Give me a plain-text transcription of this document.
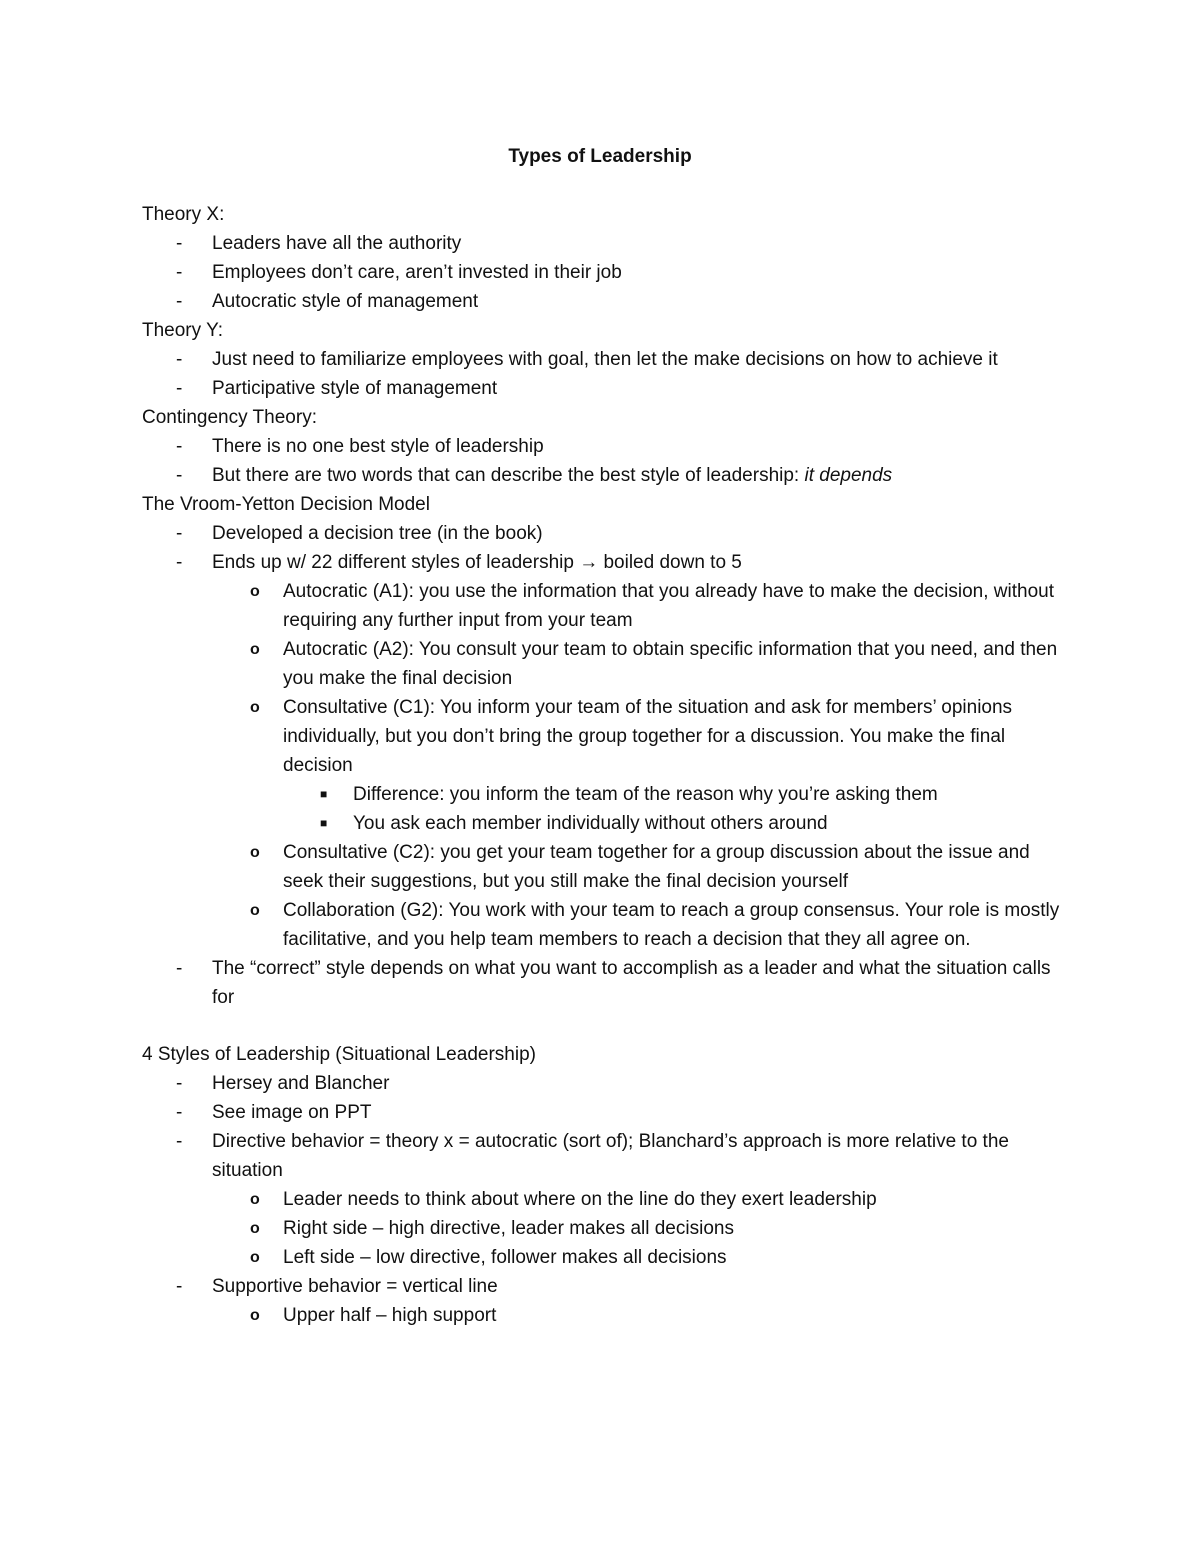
Types of Leadership
Theory X:
- Leaders have all the authority
- Employees don’t care, aren’t invested in their job
- Autocratic style of management
Theory Y:
- Just need to familiarize employees with goal, then let the make decisions on how to achieve it
- Participative style of management
Contingency Theory:
- There is no one best style of leadership
- But there are two words that can describe the best style of leadership: it depends
The Vroom-Yetton Decision Model
- Developed a decision tree (in the book)
- Ends up w/ 22 different styles of leadership → boiled down to 5
o Autocratic (A1): you use the information that you already have to make the decision, without requiring any further input from your team
o Autocratic (A2): You consult your team to obtain specific information that you need, and then you make the final decision
o Consultative (C1): You inform your team of the situation and ask for members’ opinions individually, but you don’t bring the group together for a discussion. You make the final decision
■ Difference: you inform the team of the reason why you’re asking them
■ You ask each member individually without others around
o Consultative (C2): you get your team together for a group discussion about the issue and seek their suggestions, but you still make the final decision yourself
o Collaboration (G2): You work with your team to reach a group consensus. Your role is mostly facilitative, and you help team members to reach a decision that they all agree on.
- The “correct” style depends on what you want to accomplish as a leader and what the situation calls for
4 Styles of Leadership (Situational Leadership)
- Hersey and Blancher
- See image on PPT
- Directive behavior = theory x = autocratic (sort of); Blanchard’s approach is more relative to the situation
o Leader needs to think about where on the line do they exert leadership
o Right side – high directive, leader makes all decisions
o Left side – low directive, follower makes all decisions
- Supportive behavior = vertical line
o Upper half – high support
